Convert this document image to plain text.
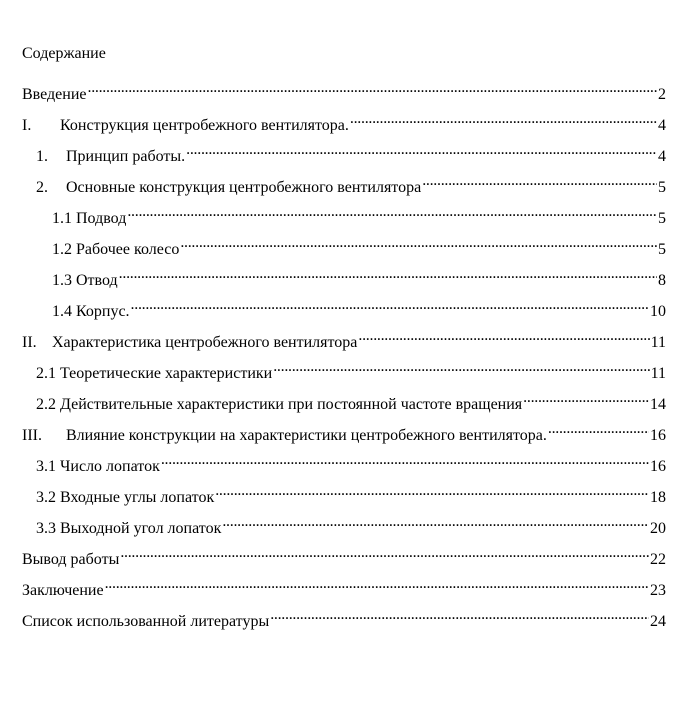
Содержание
Введение .....	2
I. Конструкция центробежного вентилятора. .....	4
1. Принцип работы. .....	4
2. Основные конструкция центробежного вентилятора .....	5
1.1 Подвод .....	5
1.2 Рабочее колесо .....	5
1.3 Отвод .....	8
1.4 Корпус. .....	10
II. Характеристика центробежного вентилятора .....	11
2.1 Теоретические характеристики .....	11
2.2 Действительные характеристики при постоянной частоте вращения .....	14
III. Влияние конструкции на характеристики центробежного вентилятора. .....	16
3.1 Число лопаток .....	16
3.2 Входные углы лопаток .....	18
3.3 Выходной угол лопаток .....	20
Вывод работы .....	22
Заключение .....	23
Список использованной литературы .....	24
